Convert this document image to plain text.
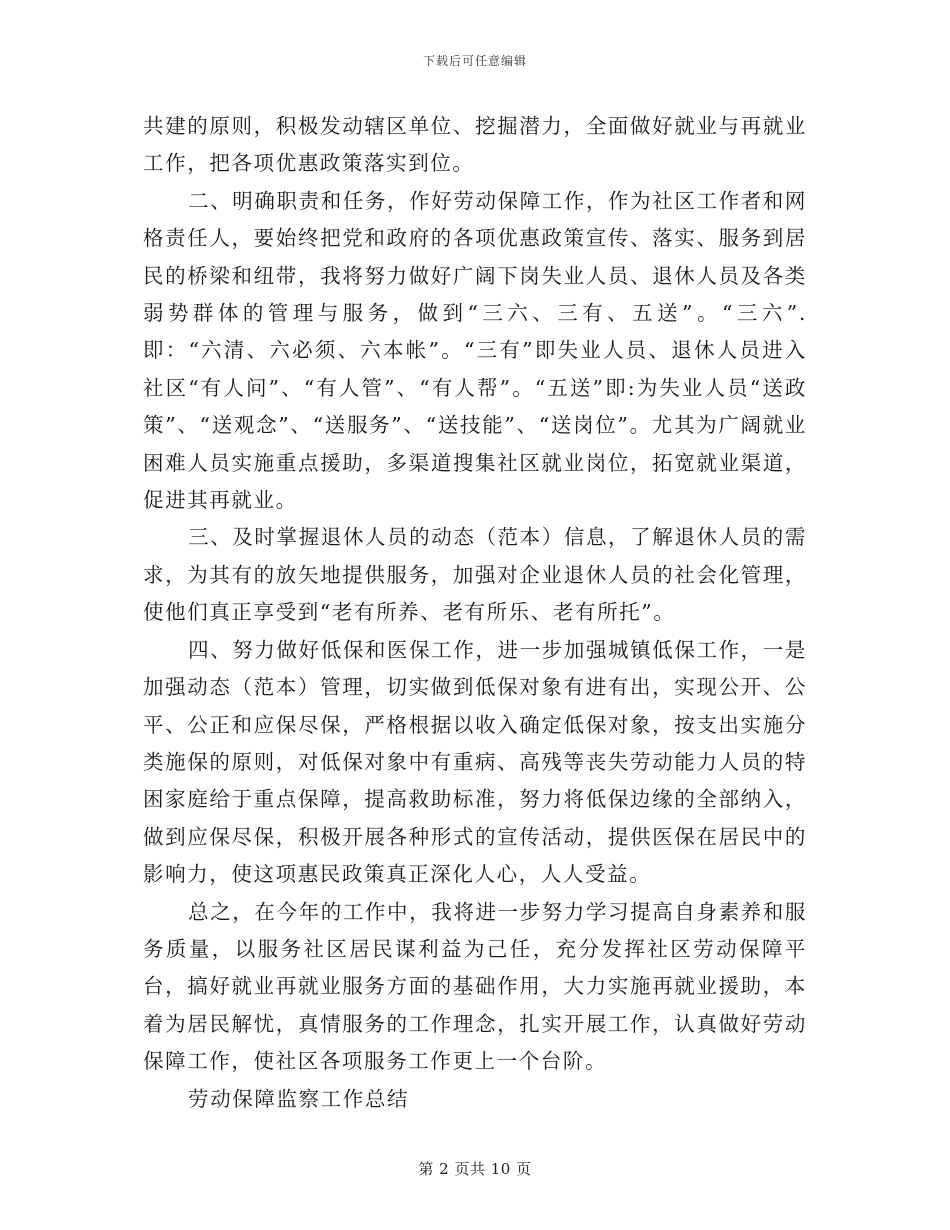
下载后可任意编辑

共建的原则，积极发动辖区单位、挖掘潜力，全面做好就业与再就业工作，把各项优惠政策落实到位。

二、明确职责和任务，作好劳动保障工作，作为社区工作者和网格责任人，要始终把党和政府的各项优惠政策宣传、落实、服务到居民的桥梁和纽带，我将努力做好广阔下岗失业人员、退休人员及各类弱势群体的管理与服务，做到“三六、三有、五送”。“三六”.即：“六清、六必须、六本帐”。“三有”即失业人员、退休人员进入社区“有人问”、“有人管”、“有人帮”。“五送”即:为失业人员“送政策”、“送观念”、“送服务”、“送技能”、“送岗位”。尤其为广阔就业困难人员实施重点援助，多渠道搜集社区就业岗位，拓宽就业渠道，促进其再就业。

三、及时掌握退休人员的动态（范本）信息，了解退休人员的需求，为其有的放矢地提供服务，加强对企业退休人员的社会化管理，使他们真正享受到“老有所养、老有所乐、老有所托”。

四、努力做好低保和医保工作，进一步加强城镇低保工作，一是加强动态（范本）管理，切实做到低保对象有进有出，实现公开、公平、公正和应保尽保，严格根据以收入确定低保对象，按支出实施分类施保的原则，对低保对象中有重病、高残等丧失劳动能力人员的特困家庭给于重点保障，提高救助标准，努力将低保边缘的全部纳入，做到应保尽保，积极开展各种形式的宣传活动，提供医保在居民中的影响力，使这项惠民政策真正深化人心，人人受益。

总之，在今年的工作中，我将进一步努力学习提高自身素养和服务质量，以服务社区居民谋利益为己任，充分发挥社区劳动保障平台，搞好就业再就业服务方面的基础作用，大力实施再就业援助，本着为居民解忧，真情服务的工作理念，扎实开展工作，认真做好劳动保障工作，使社区各项服务工作更上一个台阶。

劳动保障监察工作总结

第 2 页共 10 页
